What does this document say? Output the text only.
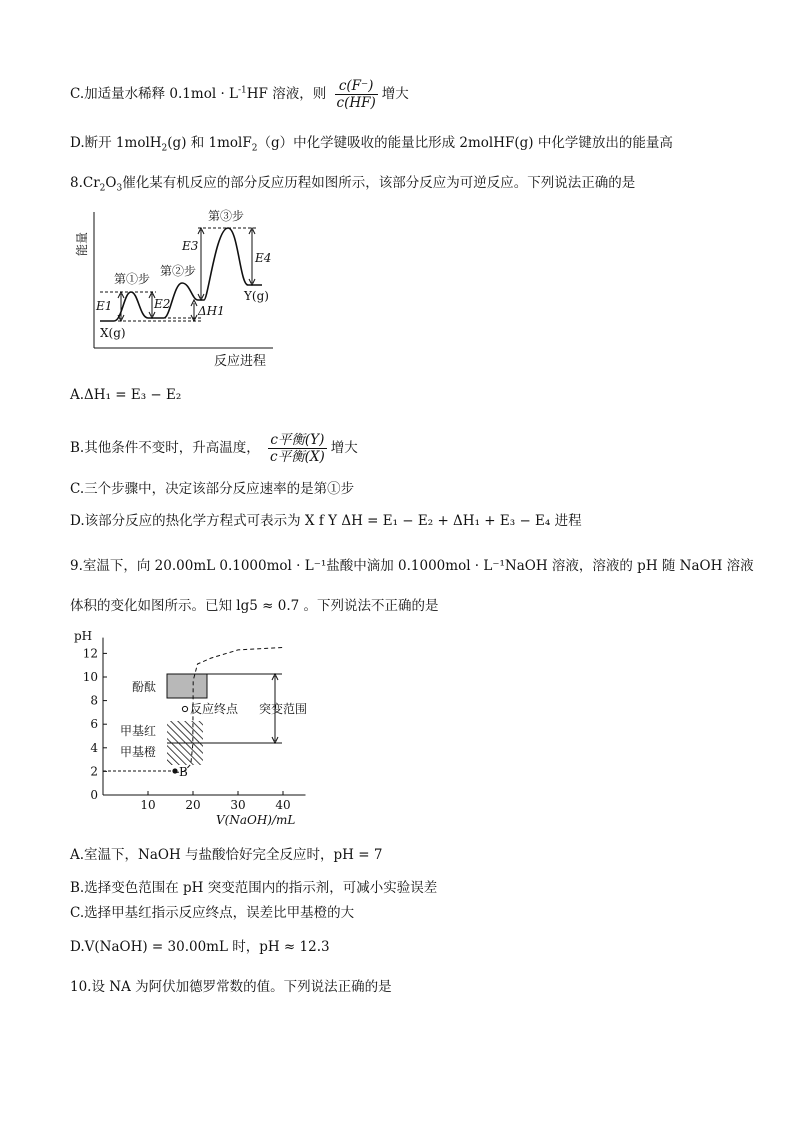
C.加适量水稀释 $0.1mol \cdot L^{-1}HF$ 溶液，则 $\frac{c(F^-)}{c(HF)}$ 增大
D.断开 1molH$_2$(g) 和 1molF$_2$（g）中化学键吸收的能量比形成 2molHF(g) 中化学键放出的能量高
$8.Cr_2O_3$催化某有机反应的部分反应历程如图所示，该部分反应为可逆反应。下列说法正确的是
能量
反应进程
E1	E2
E3
E4
ΔH1
第①步
第②步
第③步
X(g)
Y(g)
A.ΔH₁ = E₃ − E₂
B.其他条件不变时，升高温度， $\frac{\text{c平衡(Y)}}{\text{c平衡(X)}}$ 增大
C.三个步骤中，决定该部分反应速率的是第①步
D.该部分反应的热化学方程式可表示为 X f Y ΔH = E₁ − E₂ + ΔH₁ + E₃ − E₄ 进程
9.室温下，向 20.00mL 0.1000mol · L⁻¹盐酸中滴加 0.1000mol · L⁻¹NaOH 溶液，溶液的 pH 随 NaOH 溶液
体积的变化如图所示。已知 lg5 ≈ 0.7 。下列说法不正确的是
0
2
4
6
8
10
12
10 20 30 40
酚酞
反应终点 突变范围
甲基红
甲基橙
B
pH
V(NaOH)/mL
A.室温下，NaOH 与盐酸恰好完全反应时，pH = 7
B.选择变色范围在 pH 突变范围内的指示剂，可减小实验误差
C.选择甲基红指示反应终点，误差比甲基橙的大
D.V(NaOH) = 30.00mL 时，pH ≈ 12.3
10.设 NA 为阿伏加德罗常数的值。下列说法正确的是
